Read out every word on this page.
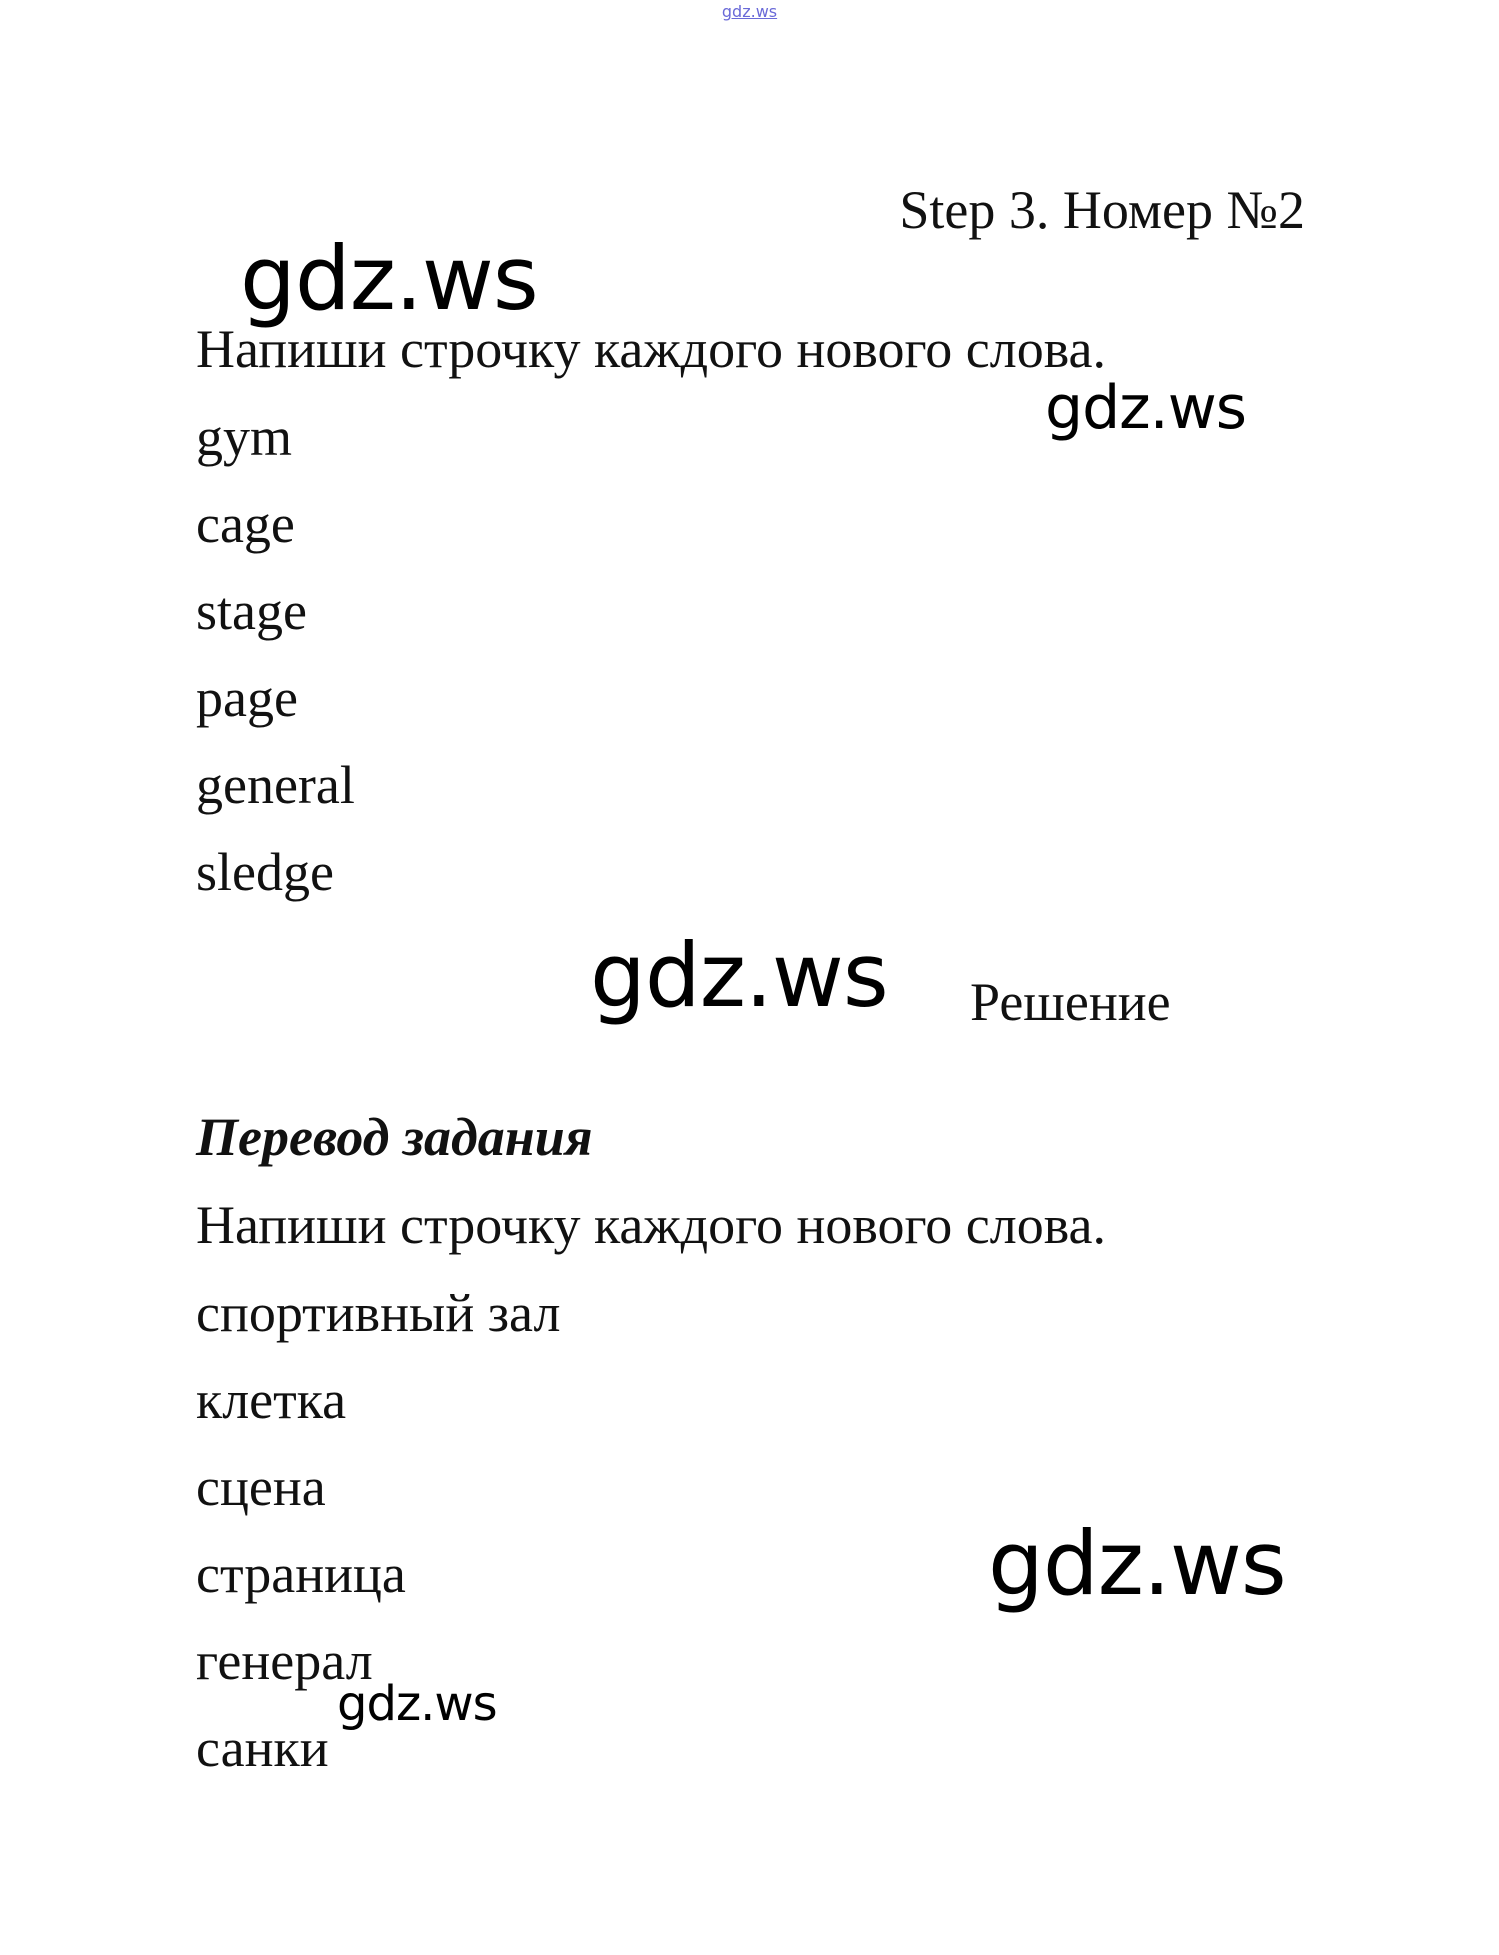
gdz.ws
Step 3. Номер №2
Напиши строчку каждого нового слова.
gym
cage
stage
page
general
sledge
Решение
Перевод задания
Напиши строчку каждого нового слова.
спортивный зал
клетка
сцена
страница
генерал
санки
gdz.ws
gdz.ws
gdz.ws
gdz.ws
gdz.ws
